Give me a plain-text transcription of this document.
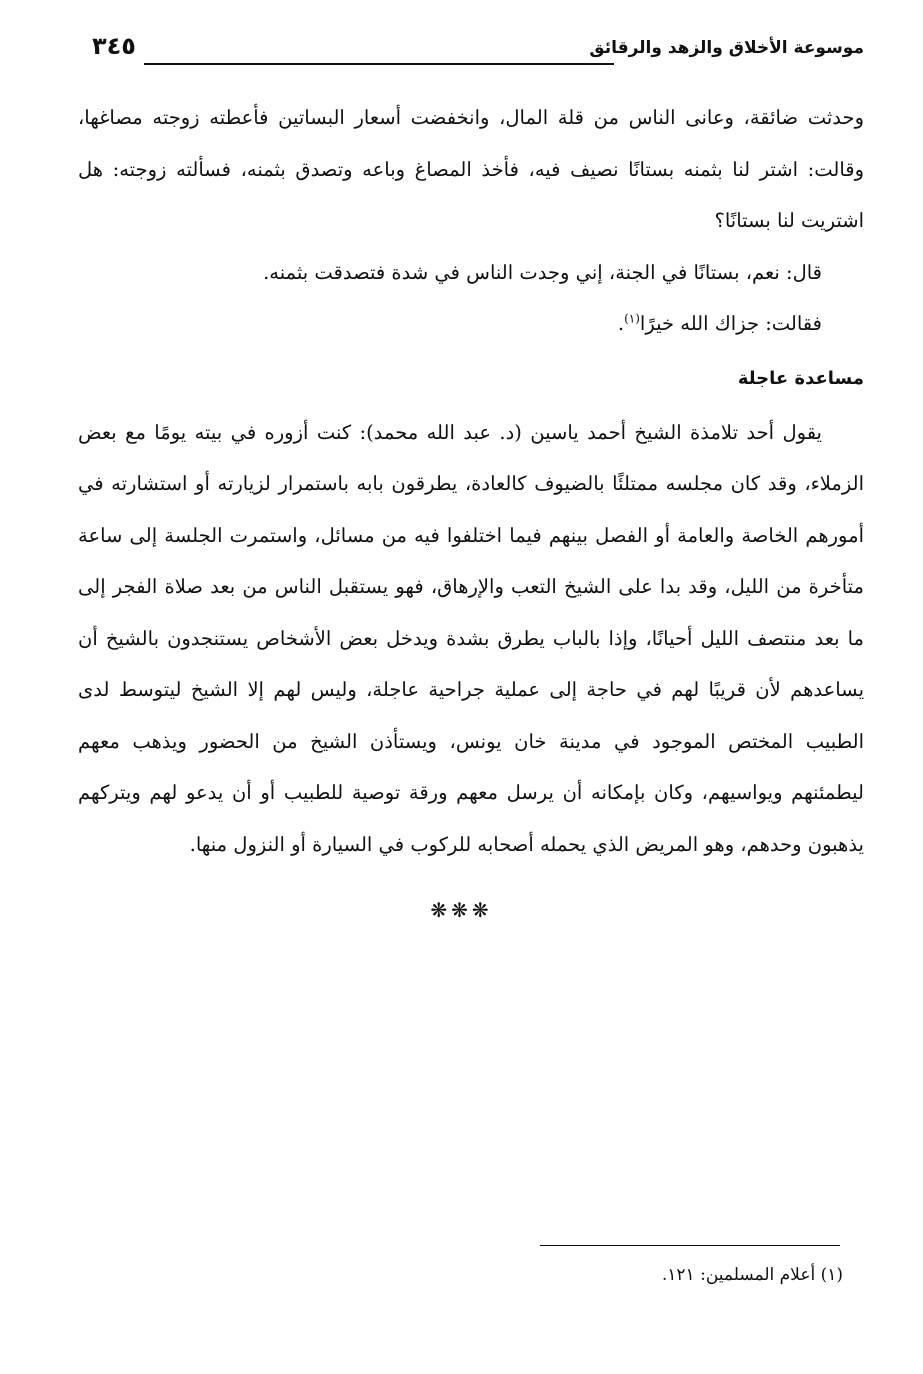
موسوعة الأخلاق والزهد والرقائق
٣٤٥

وحدثت ضائقة، وعانى الناس من قلة المال، وانخفضت أسعار البساتين فأعطته زوجته مصاغها، وقالت: اشتر لنا بثمنه بستانًا نصيف فيه، فأخذ المصاغ وباعه وتصدق بثمنه، فسألته زوجته: هل اشتريت لنا بستانًا؟

قال: نعم، بستانًا في الجنة، إني وجدت الناس في شدة فتصدقت بثمنه.

فقالت: جزاك الله خيرًا$^{(١)}$.

مساعدة عاجلة

يقول أحد تلامذة الشيخ أحمد ياسين (د. عبد الله محمد): كنت أزوره في بيته يومًا مع بعض الزملاء، وقد كان مجلسه ممتلئًا بالضيوف كالعادة، يطرقون بابه باستمرار لزيارته أو استشارته في أمورهم الخاصة والعامة أو الفصل بينهم فيما اختلفوا فيه من مسائل، واستمرت الجلسة إلى ساعة متأخرة من الليل، وقد بدا على الشيخ التعب والإرهاق، فهو يستقبل الناس من بعد صلاة الفجر إلى ما بعد منتصف الليل أحيانًا، وإذا بالباب يطرق بشدة ويدخل بعض الأشخاص يستنجدون بالشيخ أن يساعدهم لأن قريبًا لهم في حاجة إلى عملية جراحية عاجلة، وليس لهم إلا الشيخ ليتوسط لدى الطبيب المختص الموجود في مدينة خان يونس، ويستأذن الشيخ من الحضور ويذهب معهم ليطمئنهم ويواسيهم، وكان بإمكانه أن يرسل معهم ورقة توصية للطبيب أو أن يدعو لهم ويتركهم يذهبون وحدهم، وهو المريض الذي يحمله أصحابه للركوب في السيارة أو النزول منها.

❋❋❋
(١) أعلام المسلمين: ١٢١.
